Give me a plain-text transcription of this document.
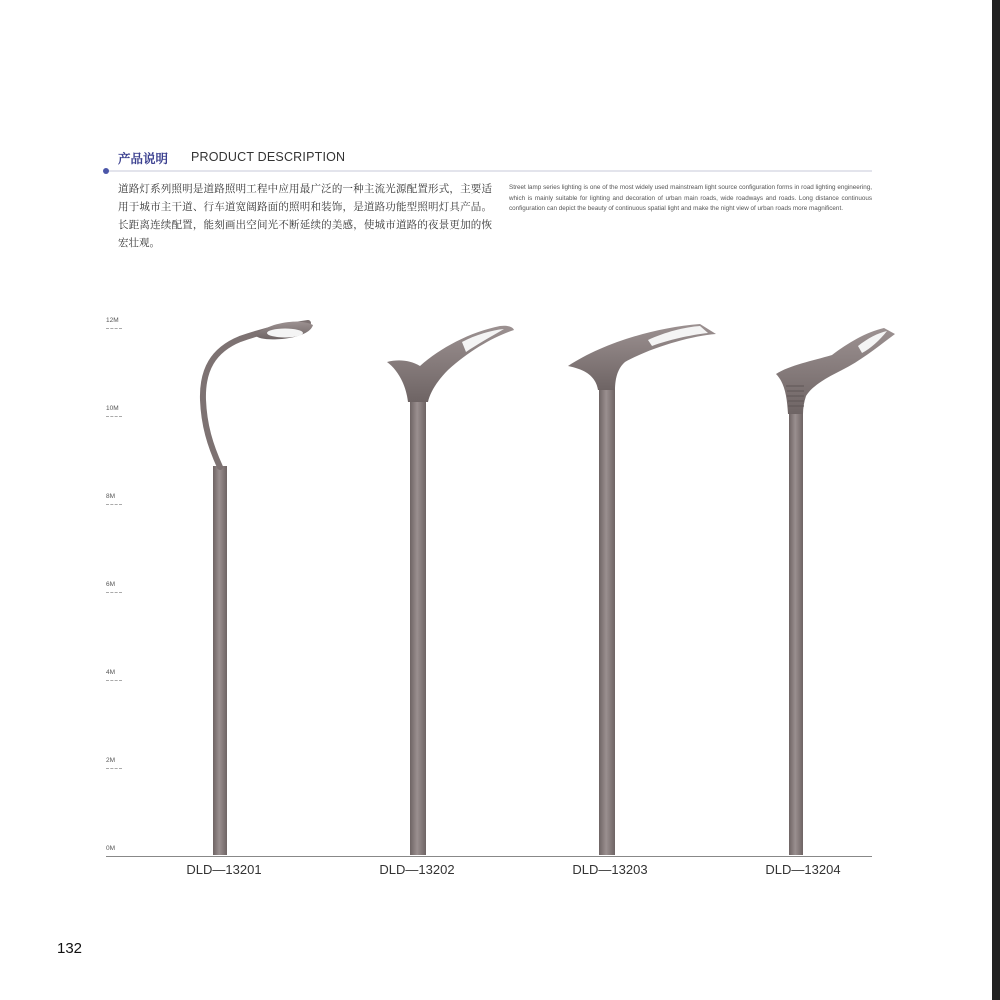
产品说明 PRODUCT DESCRIPTION
道路灯系列照明是道路照明工程中应用最广泛的一种主流光源配置形式，主要适用于城市主干道、行车道宽阔路面的照明和装饰，是道路功能型照明灯具产品。长距离连续配置，能刻画出空间光不断延续的美感，使城市道路的夜景更加的恢宏壮观。
Street lamp series lighting is one of the most widely used mainstream light source configuration forms in road lighting engineering, which is mainly suitable for lighting and decoration of urban main roads, wide roadways and roads. Long distance continuous configuration can depict the beauty of continuous spatial light and make the night view of urban roads more magnificent.
12M
10M
8M
6M
4M
2M
0M
DLD—13201	DLD—13202	DLD—13203	DLD—13204
132
